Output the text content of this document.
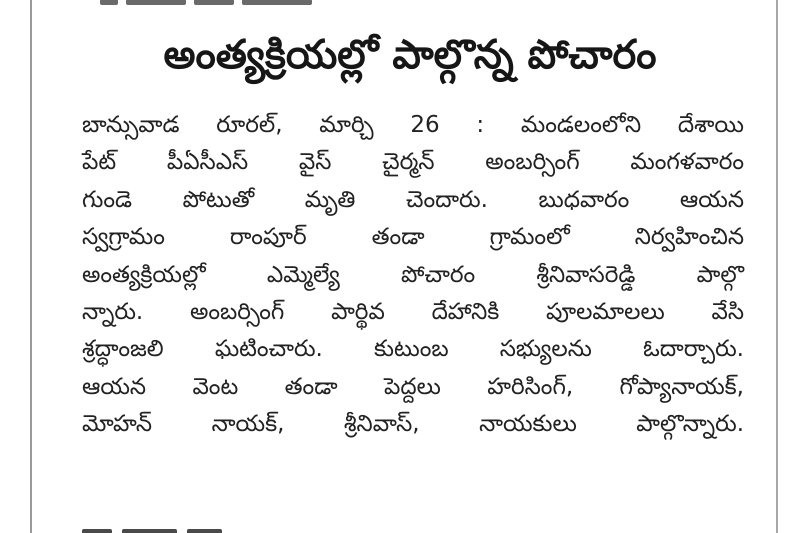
అంత్యక్రియల్లో పాల్గొన్న పోచారం
బాన్సువాడ రూరల్, మార్చి 26 : మండలంలోని దేశాయి
పేట్ పీఏసీఎస్ వైస్ చైర్మన్ అంబర్సింగ్ మంగళవారం
గుండె పోటుతో మృతి చెందారు. బుధవారం ఆయన
స్వగ్రామం రాంపూర్ తండా గ్రామంలో నిర్వహించిన
అంత్యక్రియల్లో ఎమ్మెల్యే పోచారం శ్రీనివాసరెడ్డి పాల్గొ
న్నారు. అంబర్సింగ్ పార్థివ దేహానికి పూలమాలలు వేసి
శ్రద్ధాంజలి ఘటించారు. కుటుంబ సభ్యులను ఓదార్చారు.
ఆయన వెంట తండా పెద్దలు హరిసింగ్, గోప్యానాయక్,
మోహన్ నాయక్, శ్రీనివాస్, నాయకులు పాల్గొన్నారు.
